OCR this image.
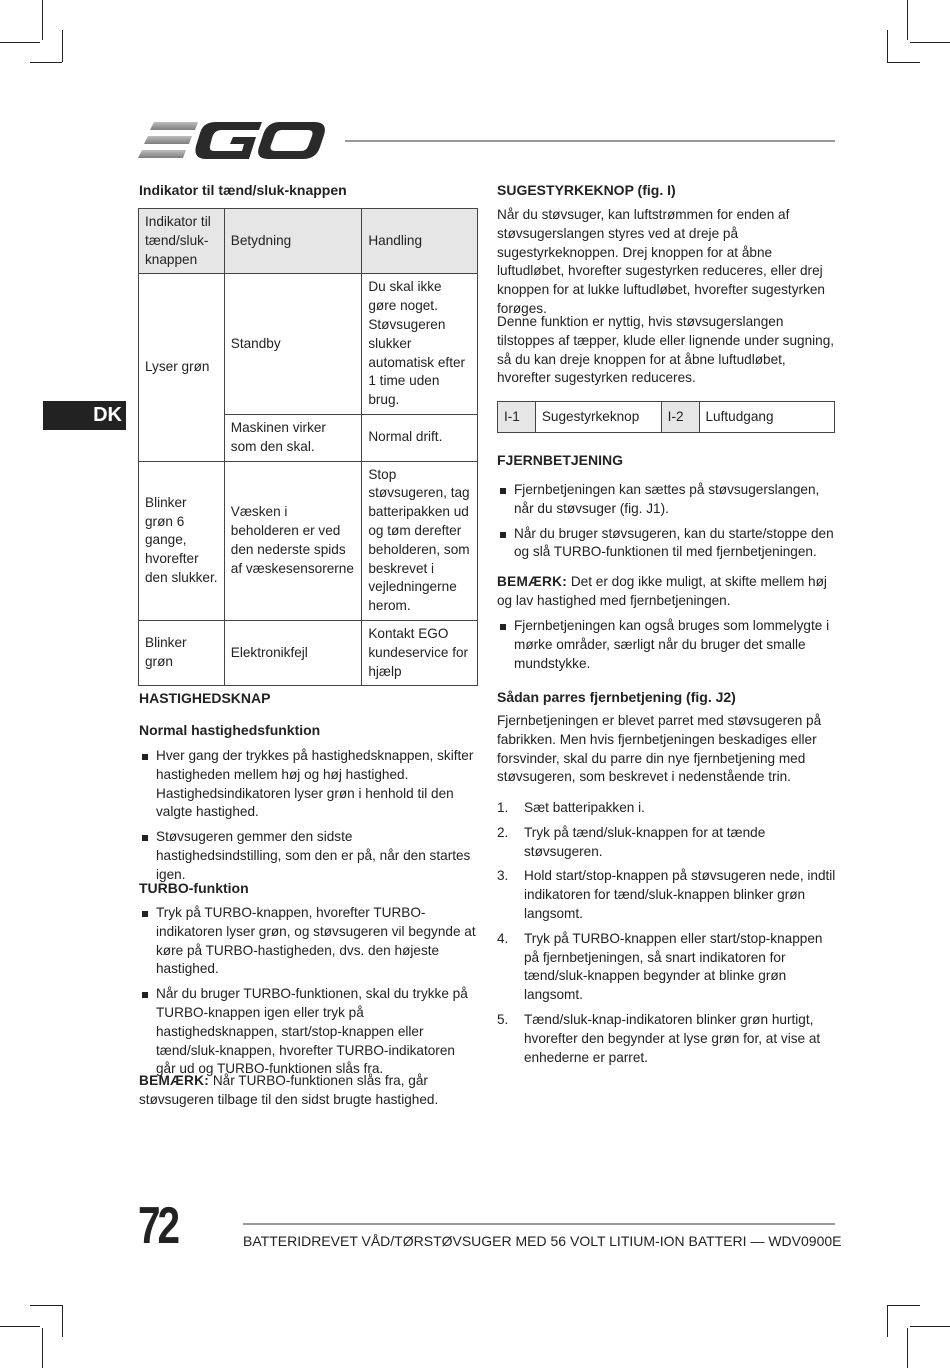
DK
Indikator til tænd/sluk-knappen
Indikator til tænd/sluk-knappen	Betydning	Handling
Lyser grøn	Standby	Du skal ikke gøre noget. Støvsugeren slukker automatisk efter 1 time uden brug.
	Maskinen virker som den skal.	Normal drift.
Blinker grøn 6 gange, hvorefter den slukker.	Væsken i beholderen er ved den nederste spids af væskesensorerne	Stop støvsugeren, tag batteripakken ud og tøm derefter beholderen, som beskrevet i vejledningerne herom.
Blinker grøn	Elektronikfejl	Kontakt EGO kundeservice for hjælp
HASTIGHEDSKNAP
Normal hastighedsfunktion
Hver gang der trykkes på hastighedsknappen, skifter hastigheden mellem høj og høj hastighed. Hastighedsindikatoren lyser grøn i henhold til den valgte hastighed.
Støvsugeren gemmer den sidste hastighedsindstilling, som den er på, når den startes igen.
TURBO-funktion
Tryk på TURBO-knappen, hvorefter TURBO-indikatoren lyser grøn, og støvsugeren vil begynde at køre på TURBO-hastigheden, dvs. den højeste hastighed.
Når du bruger TURBO-funktionen, skal du trykke på TURBO-knappen igen eller tryk på hastighedsknappen, start/stop-knappen eller tænd/sluk-knappen, hvorefter TURBO-indikatoren går ud og TURBO-funktionen slås fra.
BEMÆRK: Når TURBO-funktionen slås fra, går støvsugeren tilbage til den sidst brugte hastighed.
SUGESTYRKEKNOP (fig. I)
Når du støvsuger, kan luftstrømmen for enden af støvsugerslangen styres ved at dreje på sugestyrkeknoppen. Drej knoppen for at åbne luftudløbet, hvorefter sugestyrken reduceres, eller drej knoppen for at lukke luftudløbet, hvorefter sugestyrken forøges.
Denne funktion er nyttig, hvis støvsugerslangen tilstoppes af tæpper, klude eller lignende under sugning, så du kan dreje knoppen for at åbne luftudløbet, hvorefter sugestyrken reduceres.
I-1	Sugestyrkeknop	I-2	Luftudgang
FJERNBETJENING
Fjernbetjeningen kan sættes på støvsugerslangen, når du støvsuger (fig. J1).
Når du bruger støvsugeren, kan du starte/stoppe den og slå TURBO-funktionen til med fjernbetjeningen.
BEMÆRK: Det er dog ikke muligt, at skifte mellem høj og lav hastighed med fjernbetjeningen.
Fjernbetjeningen kan også bruges som lommelygte i mørke områder, særligt når du bruger det smalle mundstykke.
Sådan parres fjernbetjening (fig. J2)
Fjernbetjeningen er blevet parret med støvsugeren på fabrikken. Men hvis fjernbetjeningen beskadiges eller forsvinder, skal du parre din nye fjernbetjening med støvsugeren, som beskrevet i nedenstående trin.
1. Sæt batteripakken i.
2. Tryk på tænd/sluk-knappen for at tænde støvsugeren.
3. Hold start/stop-knappen på støvsugeren nede, indtil indikatoren for tænd/sluk-knappen blinker grøn langsomt.
4. Tryk på TURBO-knappen eller start/stop-knappen på fjernbetjeningen, så snart indikatoren for tænd/sluk-knappen begynder at blinke grøn langsomt.
5. Tænd/sluk-knap-indikatoren blinker grøn hurtigt, hvorefter den begynder at lyse grøn for, at vise at enhederne er parret.
72	BATTERIDREVET VÅD/TØRSTØVSUGER MED 56 VOLT LITIUM-ION BATTERI — WDV0900E
